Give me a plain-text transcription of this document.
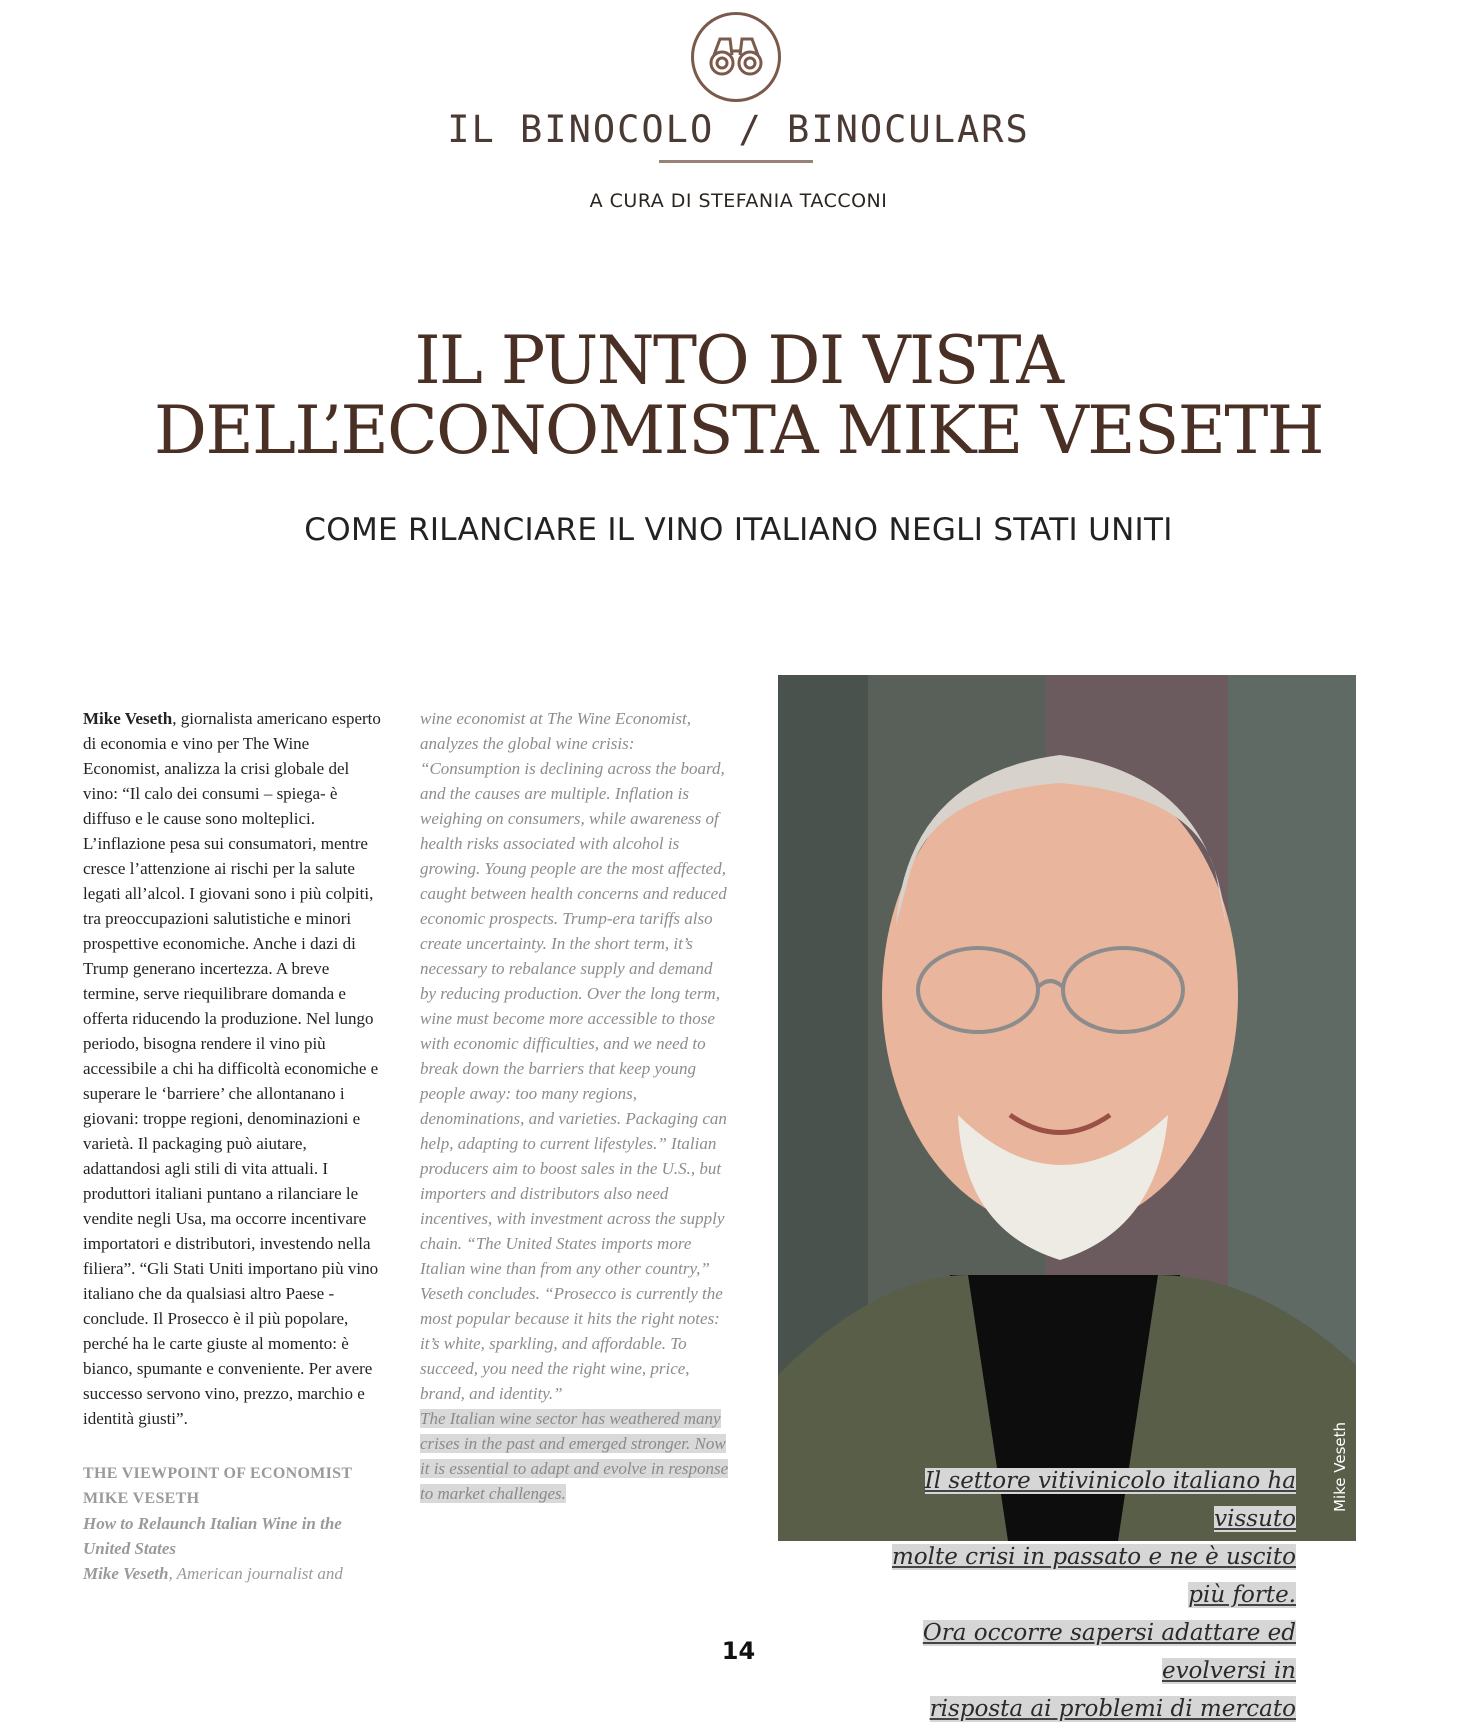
IL BINOCOLO / BINOCULARS
A CURA DI STEFANIA TACCONI
IL PUNTO DI VISTA
DELL’ECONOMISTA MIKE VESETH
COME RILANCIARE IL VINO ITALIANO NEGLI STATI UNITI

Mike Veseth, giornalista americano esperto di economia e vino per The Wine Economist, analizza la crisi globale del vino: “Il calo dei consumi – spiega- è diffuso e le cause sono molteplici. L’inflazione pesa sui consumatori, mentre cresce l’attenzione ai rischi per la salute legati all’alcol. I giovani sono i più colpiti, tra preoccupazioni salutistiche e minori prospettive economiche. Anche i dazi di Trump generano incertezza. A breve termine, serve riequilibrare domanda e offerta riducendo la produzione. Nel lungo periodo, bisogna rendere il vino più accessibile a chi ha difficoltà economiche e superare le ‘barriere’ che allontanano i giovani: troppe regioni, denominazioni e varietà. Il packaging può aiutare, adattandosi agli stili di vita attuali. I produttori italiani puntano a rilanciare le vendite negli Usa, ma occorre incentivare importatori e distributori, investendo nella filiera”. “Gli Stati Uniti importano più vino italiano che da qualsiasi altro Paese - conclude. Il Prosecco è il più popolare, perché ha le carte giuste al momento: è bianco, spumante e conveniente. Per avere successo servono vino, prezzo, marchio e identità giusti”.

THE VIEWPOINT OF ECONOMIST
MIKE VESETH
How to Relaunch Italian Wine in the United States
Mike Veseth, American journalist and

wine economist at The Wine Economist, analyzes the global wine crisis: “Consumption is declining across the board, and the causes are multiple. Inflation is weighing on consumers, while awareness of health risks associated with alcohol is growing. Young people are the most affected, caught between health concerns and reduced economic prospects. Trump-era tariffs also create uncertainty. In the short term, it’s necessary to rebalance supply and demand by reducing production. Over the long term, wine must become more accessible to those with economic difficulties, and we need to break down the barriers that keep young people away: too many regions, denominations, and varieties. Packaging can help, adapting to current lifestyles.” Italian producers aim to boost sales in the U.S., but importers and distributors also need incentives, with investment across the supply chain. “The United States imports more Italian wine than from any other country,” Veseth concludes. “Prosecco is currently the most popular because it hits the right notes: it’s white, sparkling, and affordable. To succeed, you need the right wine, price, brand, and identity.”

The Italian wine sector has weathered many crises in the past and emerged stronger. Now it is essential to adapt and evolve in response to market challenges.	Mike Veseth
Il settore vitivinicolo italiano ha vissuto
molte crisi in passato e ne è uscito più forte.
Ora occorre sapersi adattare ed evolversi in
risposta ai problemi di mercato
14
